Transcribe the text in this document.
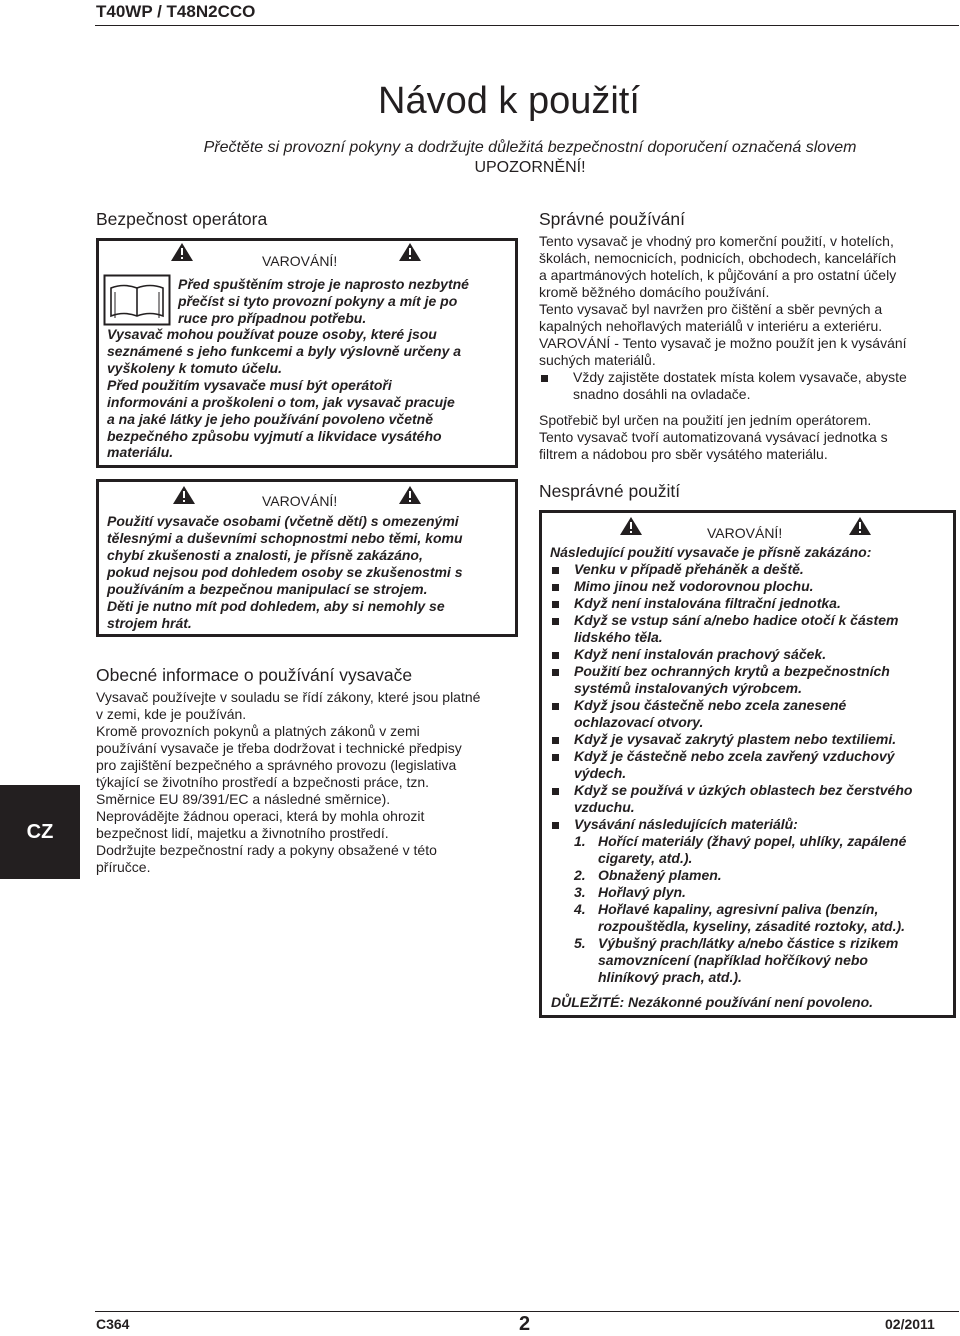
T40WP / T48N2CCO
Návod k použití
Přečtěte si provozní pokyny a dodržujte důležitá bezpečnostní doporučení označená slovem
UPOZORNĚNÍ!
Bezpečnost operátora
VAROVÁNÍ!
Před spuštěním stroje je naprosto nezbytné
přečíst si tyto provozní pokyny a mít je po
ruce pro případnou potřebu.
Vysavač mohou používat pouze osoby, které jsou
seznámené s jeho funkcemi a byly výslovně určeny a
vyškoleny k tomuto účelu.
Před použitím vysavače musí být operátoři
informováni a proškoleni o tom, jak vysavač pracuje
a na jaké látky je jeho používání povoleno včetně
bezpečného způsobu vyjmutí a likvidace vysátého
materiálu.
VAROVÁNÍ!
Použití vysavače osobami (včetně dětí) s omezenými
tělesnými a duševními schopnostmi nebo těmi, komu
chybí zkušenosti a znalosti, je přísně zakázáno,
pokud nejsou pod dohledem osoby se zkušenostmi s
používáním a bezpečnou manipulací se strojem.
Děti je nutno mít pod dohledem, aby si nemohly se
strojem hrát.
Obecné informace o používání vysavače
Vysavač používejte v souladu se řídí zákony, které jsou platné
v zemi, kde je používán.
Kromě provozních pokynů a platných zákonů v zemi
používání vysavače je třeba dodržovat i technické předpisy
pro zajištění bezpečného a správného provozu (legislativa
týkající se životního prostředí a bzpečnosti práce, tzn.
Směrnice EU 89/391/EC a následné směrnice).
Neprovádějte žádnou operaci, která by mohla ohrozit
bezpečnost lidí, majetku a živnotního prostředí.
Dodržujte bezpečnostní rady a pokyny obsažené v této
příručce.
Správné používání
Tento vysavač je vhodný pro komerční použití, v hotelích,
školách, nemocnicích, podnicích, obchodech, kancelářích
a apartmánových hotelích, k půjčování a pro ostatní účely
kromě běžného domácího používání.
Tento vysavač byl navržen pro čištění a sběr pevných a
kapalných nehořlavých materiálů v interiéru a exteriéru.
VAROVÁNÍ - Tento vysavač je možno použít jen k vysávání
suchých materiálů.
Vždy zajistěte dostatek místa kolem vysavače, abyste
snadno dosáhli na ovladače.
Spotřebič byl určen na použití jen jedním operátorem.
Tento vysavač tvoří automatizovaná vysávací jednotka s
filtrem a nádobou pro sběr vysátého materiálu.
Nesprávné použití
VAROVÁNÍ!
Následující použití vysavače je přísně zakázáno:
Venku v případě přeháněk a deště.
Mimo jinou než vodorovnou plochu.
Když není instalována filtrační jednotka.
Když se vstup sání a/nebo hadice otočí k částem
lidského těla.
Když není instalován prachový sáček.
Použití bez ochranných krytů a bezpečnostních
systémů instalovaných výrobcem.
Když jsou částečně nebo zcela zanesené
ochlazovací otvory.
Když je vysavač zakrytý plastem nebo textiliemi.
Když je částečně nebo zcela zavřený vzduchový
výdech.
Když se používá v úzkých oblastech bez čerstvého
vzduchu.
Vysávání následujících materiálů:
1. Hořící materiály (žhavý popel, uhlíky, zapálené
cigarety, atd.).
2. Obnažený plamen.
3. Hořlavý plyn.
4. Hořlavé kapaliny, agresivní paliva (benzín,
rozpouštědla, kyseliny, zásadité roztoky, atd.).
5. Výbušný prach/látky a/nebo částice s rizikem
samovznícení (například hořčíkový nebo
hliníkový prach, atd.).
DŮLEŽITÉ: Nezákonné používání není povoleno.
CZ
C364	2	02/2011
